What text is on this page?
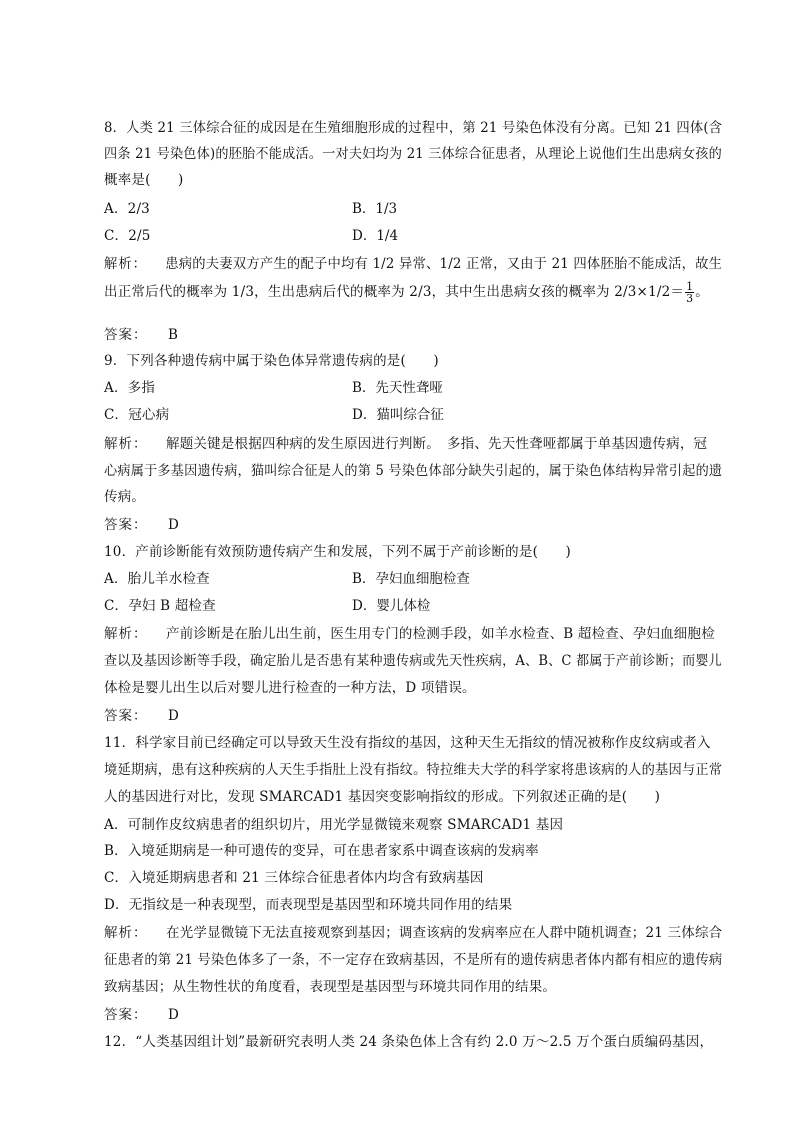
8．人类 21 三体综合征的成因是在生殖细胞形成的过程中，第 21 号染色体没有分离。已知 21 四体(含
四条 21 号染色体)的胚胎不能成活。一对夫妇均为 21 三体综合征患者，从理论上说他们生出患病女孩的
概率是(　　)
A．2/3	B．1/3
C．2/5	D．1/4
解析： 患病的夫妻双方产生的配子中均有 1/2 异常、1/2 正常，又由于 21 四体胚胎不能成活，故生
出正常后代的概率为 1/3，生出患病后代的概率为 2/3，其中生出患病女孩的概率为 $2/3\times 1/2= \frac{1}{3}$ 。
答案： B
9．下列各种遗传病中属于染色体异常遗传病的是(　　)
A．多指	B．先天性聋哑
C．冠心病	D．猫叫综合征
解析： 解题关键是根据四种病的发生原因进行判断。　多指、先天性聋哑都属于单基因遗传病，冠
心病属于多基因遗传病，猫叫综合征是人的第 5 号染色体部分缺失引起的，属于染色体结构异常引起的遗
传病。
答案： D
10．产前诊断能有效预防遗传病产生和发展，下列不属于产前诊断的是(　　)
A．胎儿羊水检查	B．孕妇血细胞检查
C．孕妇 B 超检查	D．婴儿体检
解析： 产前诊断是在胎儿出生前，医生用专门的检测手段，如羊水检查、B 超检查、孕妇血细胞检
查以及基因诊断等手段，确定胎儿是否患有某种遗传病或先天性疾病，A、B、C 都属于产前诊断；而婴儿
体检是婴儿出生以后对婴儿进行检查的一种方法，D 项错误。
答案： D
11．科学家目前已经确定可以导致天生没有指纹的基因，这种天生无指纹的情况被称作皮纹病或者入
境延期病，患有这种疾病的人天生手指肚上没有指纹。特拉维夫大学的科学家将患该病的人的基因与正常
人的基因进行对比，发现 SMARCAD1 基因突变影响指纹的形成。下列叙述正确的是(　　)
A．可制作皮纹病患者的组织切片，用光学显微镜来观察 SMARCAD1 基因
B．入境延期病是一种可遗传的变异，可在患者家系中调查该病的发病率
C．入境延期病患者和 21 三体综合征患者体内均含有致病基因
D．无指纹是一种表现型，而表现型是基因型和环境共同作用的结果
解析： 在光学显微镜下无法直接观察到基因；调查该病的发病率应在人群中随机调查；21 三体综合
征患者的第 21 号染色体多了一条，不一定存在致病基因，不是所有的遗传病患者体内都有相应的遗传病
致病基因；从生物性状的角度看，表现型是基因型与环境共同作用的结果。
答案： D
12．“人类基因组计划”最新研究表明人类 24 条染色体上含有约 2.0 万～2.5 万个蛋白质编码基因，
